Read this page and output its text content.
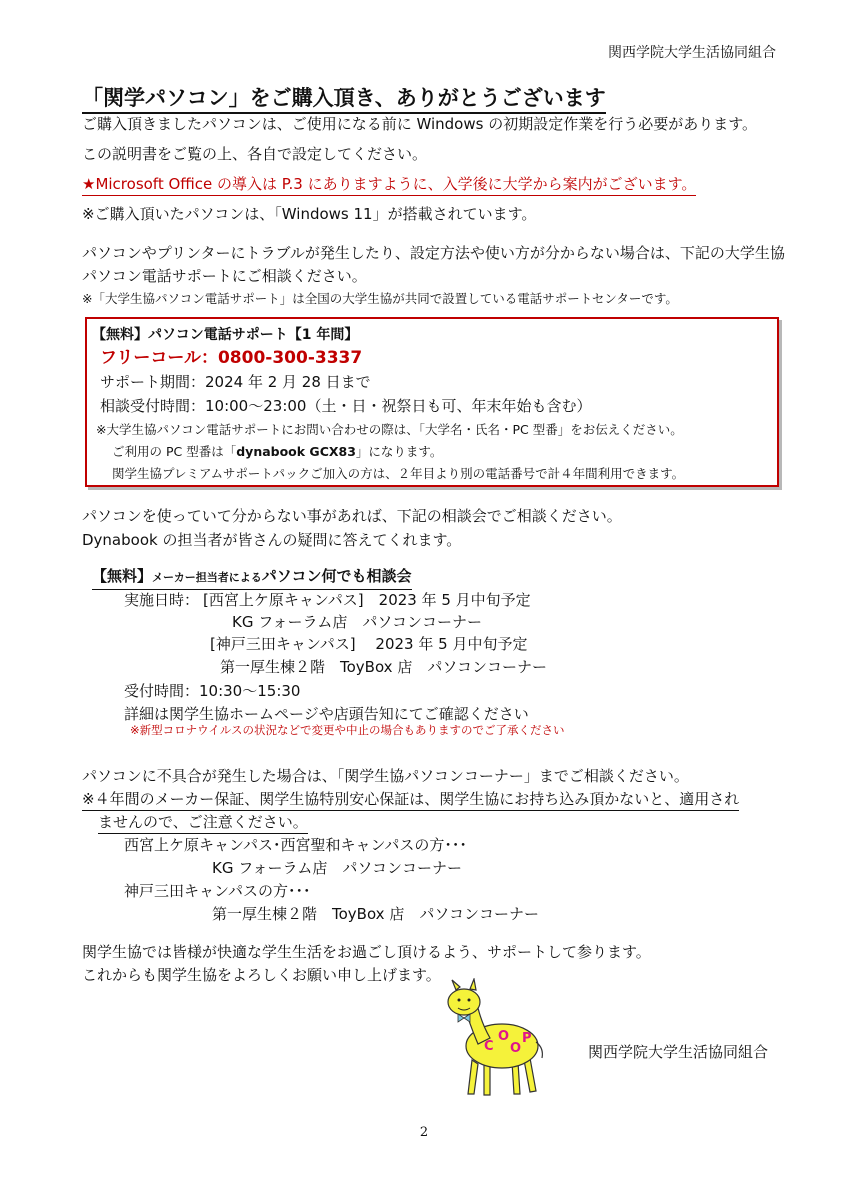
関西学院大学生活協同組合
「関学パソコン」をご購入頂き、ありがとうございます
ご購入頂きましたパソコンは、ご使用になる前に Windows の初期設定作業を行う必要があります。
この説明書をご覧の上、各自で設定してください。
★Microsoft Office の導入は P.3 にありますように、入学後に大学から案内がございます。
※ご購入頂いたパソコンは、「Windows 11」が搭載されています。
パソコンやプリンターにトラブルが発生したり、設定方法や使い方が分からない場合は、下記の大学生協
パソコン電話サポートにご相談ください。
※「大学生協パソコン電話サポート」は全国の大学生協が共同で設置している電話サポートセンターです。
【無料】パソコン電話サポート【1 年間】
フリーコール：0800-300-3337
サポート期間：2024 年 2 月 28 日まで
相談受付時間：10:00～23:00（土・日・祝祭日も可、年末年始も含む）
※大学生協パソコン電話サポートにお問い合わせの際は、「大学名・氏名・PC 型番」をお伝えください。
ご利用の PC 型番は「dynabook GCX83」になります。
関学生協プレミアムサポートパックご加入の方は、２年目より別の電話番号で計４年間利用できます。
パソコンを使っていて分からない事があれば、下記の相談会でご相談ください。
Dynabook の担当者が皆さんの疑問に答えてくれます。
【無料】メーカー担当者によるパソコン何でも相談会
実施日時： [西宮上ケ原キャンパス]　2023 年 5 月中旬予定
KG フォーラム店　パソコンコーナー
[神戸三田キャンパス]　 2023 年 5 月中旬予定
第一厚生棟２階　ToyBox 店　パソコンコーナー
受付時間：10:30～15:30
詳細は関学生協ホームページや店頭告知にてご確認ください
※新型コロナウイルスの状況などで変更や中止の場合もありますのでご了承ください
パソコンに不具合が発生した場合は、「関学生協パソコンコーナー」までご相談ください。
※４年間のメーカー保証、関学生協特別安心保証は、関学生協にお持ち込み頂かないと、適用され
ませんので、ご注意ください。
西宮上ケ原キャンパス･西宮聖和キャンパスの方･･･
KG フォーラム店　パソコンコーナー
神戸三田キャンパスの方･･･
第一厚生棟２階　ToyBox 店　パソコンコーナー
関学生協では皆様が快適な学生生活をお過ごし頂けるよう、サポートして参ります。
これからも関学生協をよろしくお願い申し上げます。
C
O
O
P
関西学院大学生活協同組合
2
